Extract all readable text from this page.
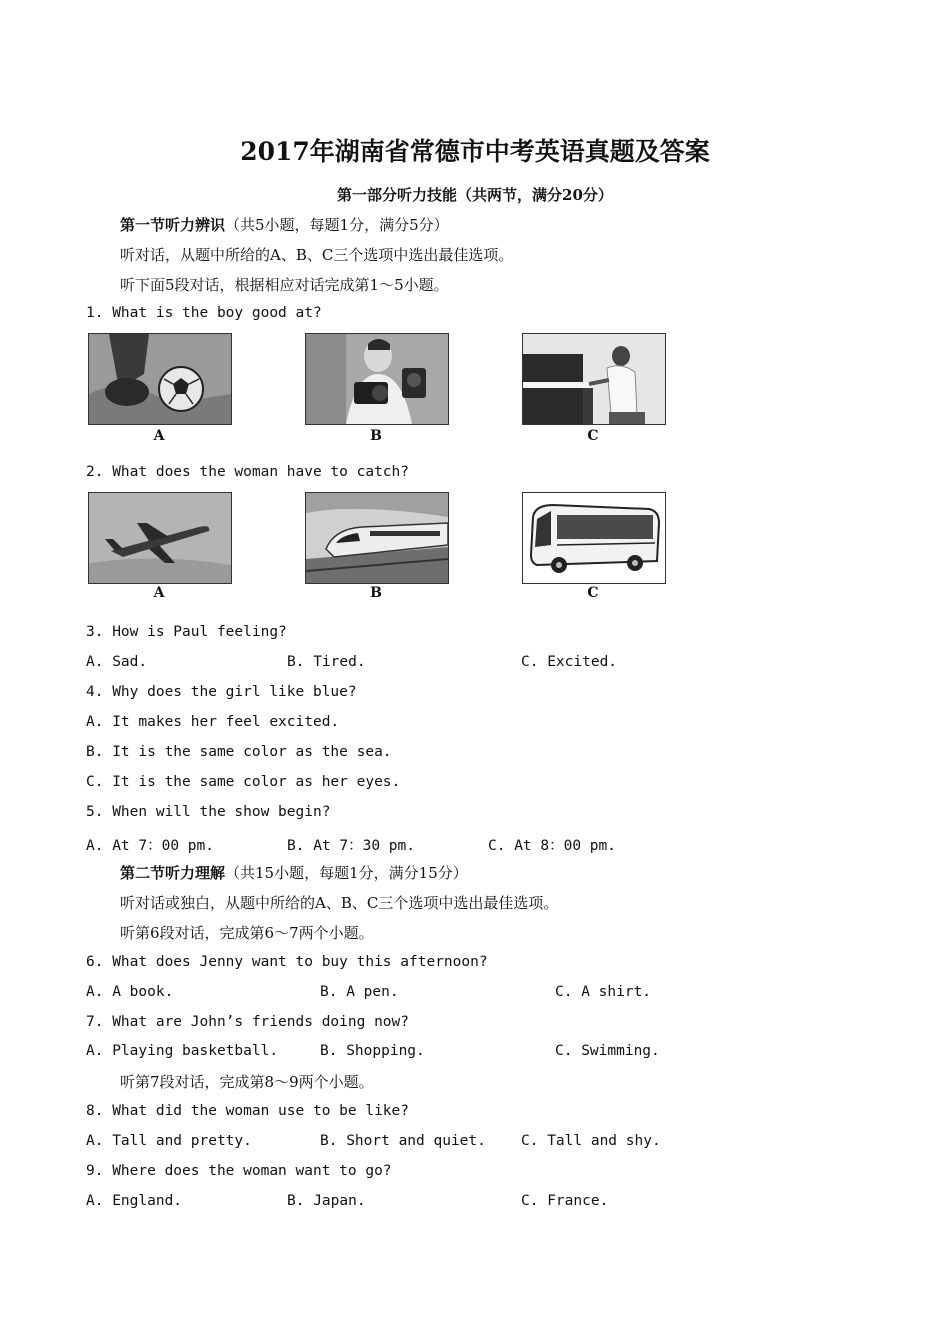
2017年湖南省常德市中考英语真题及答案
第一部分听力技能（共两节，满分20分）
第一节听力辨识（共5小题，每题1分，满分5分）
听对话，从题中所给的A、B、C三个选项中选出最佳选项。
听下面5段对话，根据相应对话完成第1～5小题。
1. What is the boy good at?
A	B	C
2. What does the woman have to catch?
A	B	C
3. How is Paul feeling?
A. Sad.	B. Tired.	C. Excited.
4. Why does the girl like blue?
A. It makes her feel excited.
B. It is the same color as the sea.
C. It is the same color as her eyes.
5. When will the show begin?
A. At 7：00 pm.	B. At 7：30 pm.	C. At 8：00 pm.
第二节听力理解（共15小题，每题1分，满分15分）
听对话或独白，从题中所给的A、B、C三个选项中选出最佳选项。
听第6段对话，完成第6～7两个小题。
6. What does Jenny want to buy this afternoon?
A. A book.	B. A pen.	C. A shirt.
7. What are John’s friends doing now?
A. Playing basketball.	B. Shopping.	C. Swimming.
听第7段对话，完成第8～9两个小题。
8. What did the woman use to be like?
A. Tall and pretty.	B. Short and quiet. C. Tall and shy.
9. Where does the woman want to go?
A. England.	B. Japan.	C. France.
